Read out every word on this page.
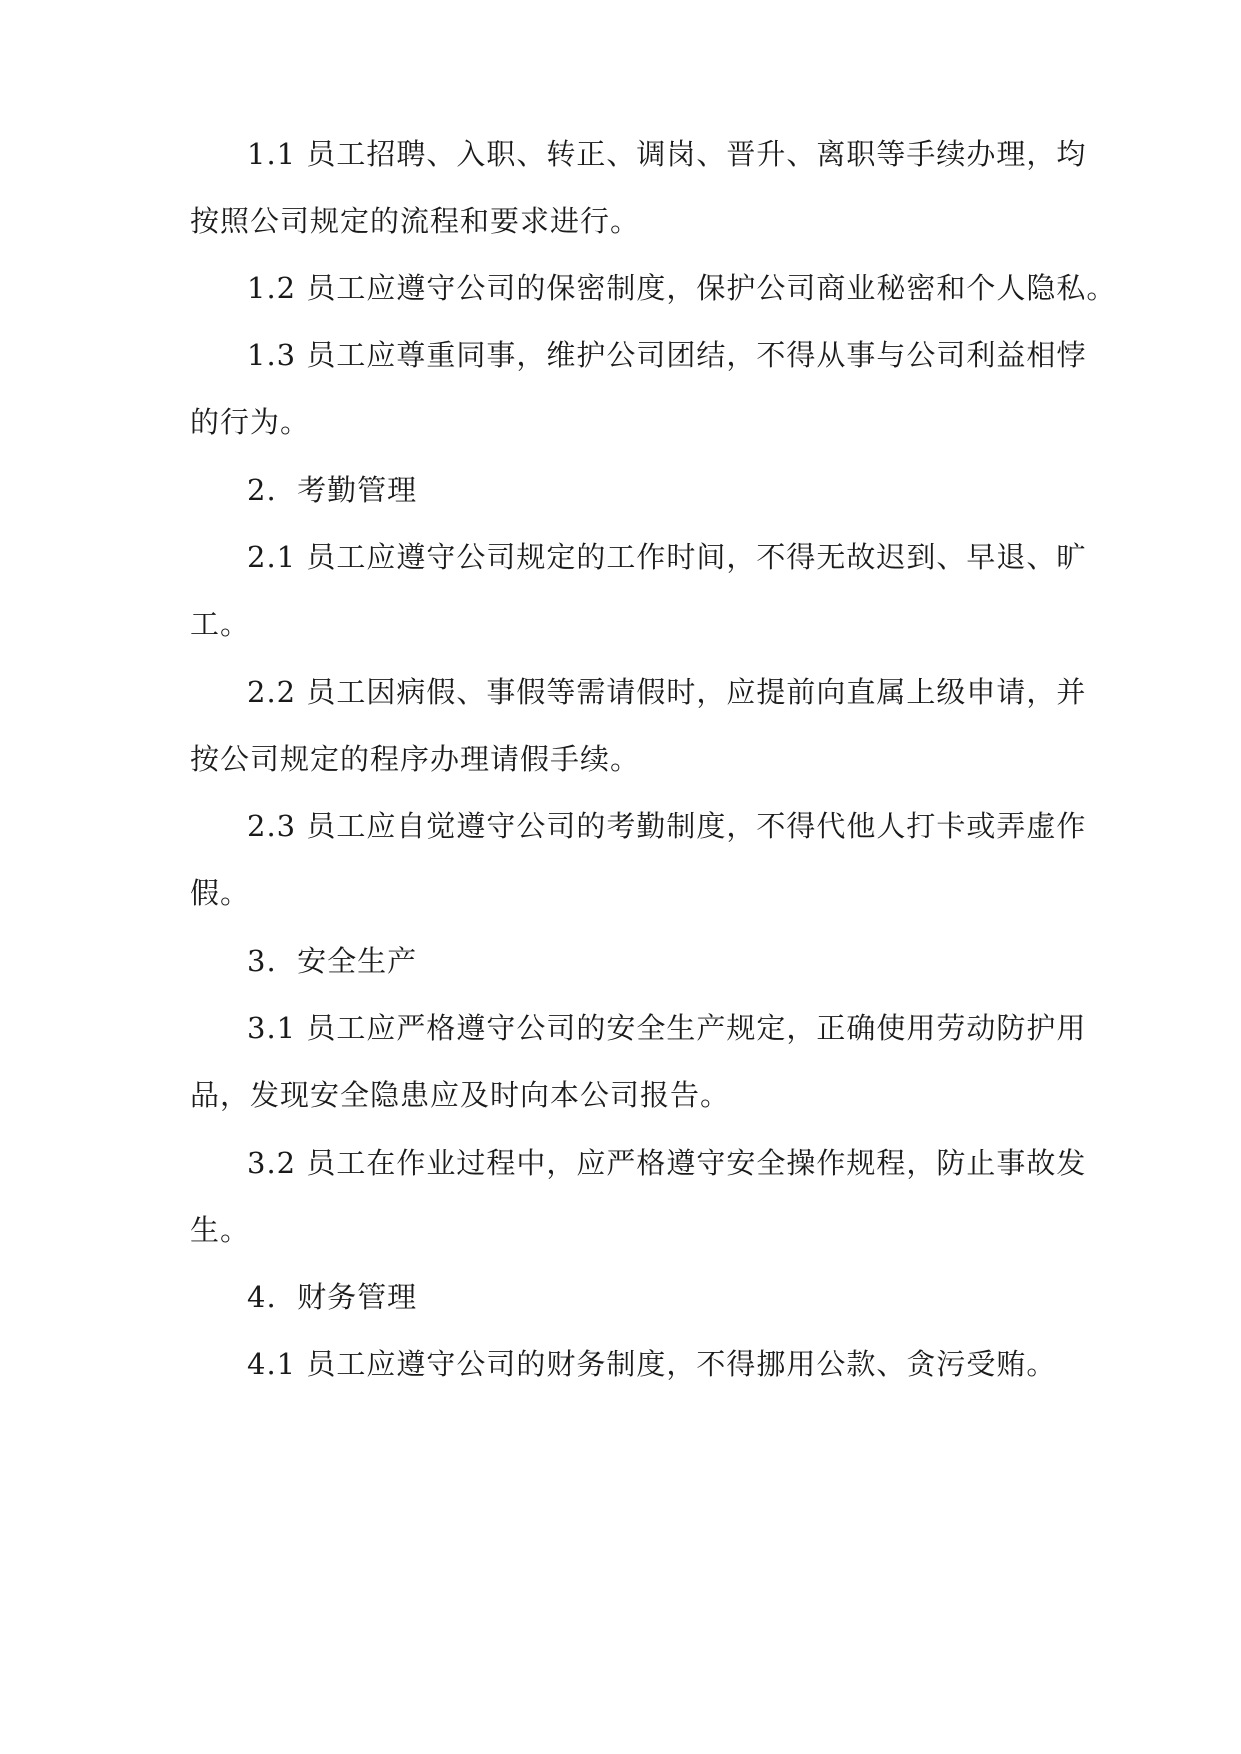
1.1 员工招聘、入职、转正、调岗、晋升、离职等手续办理，均
按照公司规定的流程和要求进行。
1.2 员工应遵守公司的保密制度，保护公司商业秘密和个人隐私。
1.3 员工应尊重同事，维护公司团结，不得从事与公司利益相悖
的行为。
2.  考勤管理
2.1 员工应遵守公司规定的工作时间，不得无故迟到、早退、旷
工。
2.2 员工因病假、事假等需请假时，应提前向直属上级申请，并
按公司规定的程序办理请假手续。
2.3 员工应自觉遵守公司的考勤制度，不得代他人打卡或弄虚作
假。
3.  安全生产
3.1 员工应严格遵守公司的安全生产规定，正确使用劳动防护用
品，发现安全隐患应及时向本公司报告。
3.2 员工在作业过程中，应严格遵守安全操作规程，防止事故发
生。
4.  财务管理
4.1 员工应遵守公司的财务制度，不得挪用公款、贪污受贿。
